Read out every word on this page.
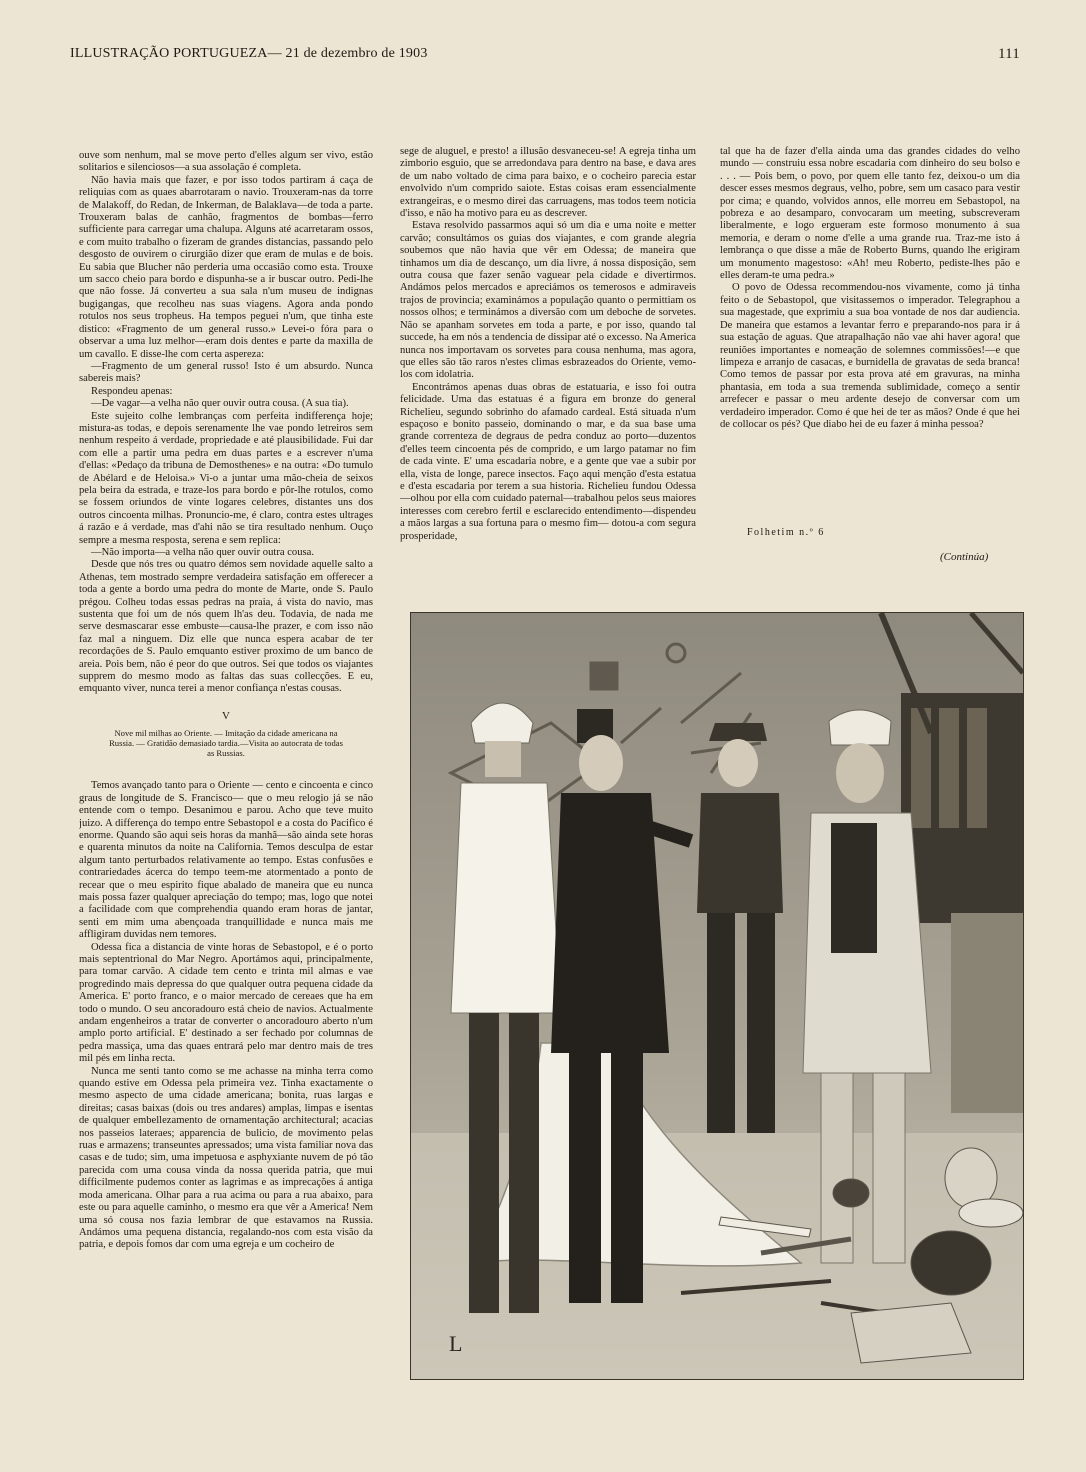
ILLUSTRAÇÃO PORTUGUEZA— 21 de dezembro de 1903	111

ouve som nenhum, mal se move perto d'elles algum ser vivo, estão solitarios e silenciosos—a sua assolação é completa.

Não havia mais que fazer, e por isso todos partiram á caça de reliquias com as quaes abarrotaram o navio. Trouxeram-nas da torre de Malakoff, do Redan, de Inkerman, de Balaklava—de toda a parte. Trouxeram balas de canhão, fragmentos de bombas—ferro sufficiente para carregar uma chalupa. Alguns até acarretaram ossos, e com muito trabalho o fizeram de grandes distancias, passando pelo desgosto de ouvirem o cirurgião dizer que eram de mulas e de bois. Eu sabia que Blucher não perderia uma occasião como esta. Trouxe um sacco cheio para bordo e dispunha-se a ir buscar outro. Pedi-lhe que não fosse. Já converteu a sua sala n'um museu de indignas bugigangas, que recolheu nas suas viagens. Agora anda pondo rotulos nos seus tropheus. Ha tempos peguei n'um, que tinha este distico: «Fragmento de um general russo.» Levei-o fóra para o observar a uma luz melhor—eram dois dentes e parte da maxilla de um cavallo. E disse-lhe com certa aspereza:

—Fragmento de um general russo! Isto é um absurdo. Nunca sabereis mais?

Respondeu apenas:

—De vagar—a velha não quer ouvir outra cousa. (A sua tia).

Este sujeito colhe lembranças com perfeita indifferença hoje; mistura-as todas, e depois serenamente lhe vae pondo letreiros sem nenhum respeito á verdade, propriedade e até plausibilidade. Fui dar com elle a partir uma pedra em duas partes e a escrever n'uma d'ellas: «Pedaço da tribuna de Demosthenes» e na outra: «Do tumulo de Abélard e de Heloisa.» Vi-o a juntar uma mão-cheia de seixos pela beira da estrada, e traze-los para bordo e pôr-lhe rotulos, como se fossem oriundos de vinte logares celebres, distantes uns dos outros cincoenta milhas. Pronuncio-me, é claro, contra estes ultrages á razão e á verdade, mas d'ahi não se tira resultado nenhum. Ouço sempre a mesma resposta, serena e sem replica:

—Não importa—a velha não quer ouvir outra cousa.

Desde que nós tres ou quatro démos sem novidade aquelle salto a Athenas, tem mostrado sempre verdadeira satisfação em offerecer a toda a gente a bordo uma pedra do monte de Marte, onde S. Paulo prégou. Colheu todas essas pedras na praia, á vista do navio, mas sustenta que foi um de nós quem lh'as deu. Todavia, de nada me serve desmascarar esse embuste—causa-lhe prazer, e com isso não faz mal a ninguem. Diz elle que nunca espera acabar de ter recordações de S. Paulo emquanto estiver proximo de um banco de areia. Pois bem, não é peor do que outros. Sei que todos os viajantes supprem do mesmo modo as faltas das suas collecções. E eu, emquanto viver, nunca terei a menor confiança n'estas cousas.

V

Nove mil milhas ao Oriente. — Imitação da cidade americana na Russia. — Gratidão demasiado tardia.—Visita ao autocrata de todas as Russias.

Temos avançado tanto para o Oriente — cento e cincoenta e cinco graus de longitude de S. Francisco— que o meu relogio já se não entende com o tempo. Desanimou e parou. Acho que teve muito juizo. A differença do tempo entre Sebastopol e a costa do Pacifico é enorme. Quando são aqui seis horas da manhã—são ainda sete horas e quarenta minutos da noite na California. Temos desculpa de estar algum tanto perturbados relativamente ao tempo. Estas confusões e contrariedades ácerca do tempo teem-me atormentado a ponto de recear que o meu espirito fique abalado de maneira que eu nunca mais possa fazer qualquer apreciação do tempo; mas, logo que notei a facilidade com que comprehendia quando eram horas de jantar, senti em mim uma abençoada tranquillidade e nunca mais me affligiram duvidas nem temores.

Odessa fica a distancia de vinte horas de Sebastopol, e é o porto mais septentrional do Mar Negro. Aportámos aqui, principalmente, para tomar carvão. A cidade tem cento e trinta mil almas e vae progredindo mais depressa do que qualquer outra pequena cidade da America. E' porto franco, e o maior mercado de cereaes que ha em todo o mundo. O seu ancoradouro está cheio de navios. Actualmente andam engenheiros a tratar de converter o ancoradouro aberto n'um amplo porto artificial. E' destinado a ser fechado por columnas de pedra massiça, uma das quaes entrará pelo mar dentro mais de tres mil pés em linha recta.

Nunca me senti tanto como se me achasse na minha terra como quando estive em Odessa pela primeira vez. Tinha exactamente o mesmo aspecto de uma cidade americana; bonita, ruas largas e direitas; casas baixas (dois ou tres andares) amplas, limpas e isentas de qualquer embellezamento de ornamentação architectural; acacias nos passeios lateraes; apparencia de bulicio, de movimento pelas ruas e armazens; transeuntes apressados; uma vista familiar nova das casas e de tudo; sim, uma impetuosa e asphyxiante nuvem de pó tão parecida com uma cousa vinda da nossa querida patria, que mui difficilmente pudemos conter as lagrimas e as imprecações á antiga moda americana. Olhar para a rua acima ou para a rua abaixo, para este ou para aquelle caminho, o mesmo era que vêr a America! Nem uma só cousa nos fazia lembrar de que estavamos na Russia. Andámos uma pequena distancia, regalando-nos com esta visão da patria, e depois fomos dar com uma egreja e um cocheiro de

sege de aluguel, e presto! a illusão desvaneceu-se! A egreja tinha um zimborio esguio, que se arredondava para dentro na base, e dava ares de um nabo voltado de cima para baixo, e o cocheiro parecia estar envolvido n'um comprido saiote. Estas coisas eram essencialmente extrangeiras, e o mesmo direi das carruagens, mas todos teem noticia d'isso, e não ha motivo para eu as descrever.

Estava resolvido passarmos aqui só um dia e uma noite e metter carvão; consultámos os guias dos viajantes, e com grande alegria soubemos que não havia que vêr em Odessa; de maneira que tinhamos um dia de descanço, um dia livre, á nossa disposição, sem outra cousa que fazer senão vaguear pela cidade e divertirmos. Andámos pelos mercados e apreciámos os temerosos e admiraveis trajos de provincia; examinámos a população quanto o permittiam os nossos olhos; e terminámos a diversão com um deboche de sorvetes. Não se apanham sorvetes em toda a parte, e por isso, quando tal succede, ha em nós a tendencia de dissipar até o excesso. Na America nunca nos importavam os sorvetes para cousa nenhuma, mas agora, que elles são tão raros n'estes climas esbrazeados do Oriente, vemo-los com idolatria.

Encontrámos apenas duas obras de estatuaria, e isso foi outra felicidade. Uma das estatuas é a figura em bronze do general Richelieu, segundo sobrinho do afamado cardeal. Está situada n'um espaçoso e bonito passeio, dominando o mar, e da sua base uma grande correnteza de degraus de pedra conduz ao porto—duzentos d'elles teem cincoenta pés de comprido, e um largo patamar no fim de cada vinte. E' uma escadaria nobre, e a gente que vae a subir por ella, vista de longe, parece insectos. Faço aqui menção d'esta estatua e d'esta escadaria por terem a sua historia. Richelieu fundou Odessa—olhou por ella com cuidado paternal—trabalhou pelos seus maiores interesses com cerebro fertil e esclarecido entendimento—dispendeu a mãos largas a sua fortuna para o mesmo fim— dotou-a com segura prosperidade,

tal que ha de fazer d'ella ainda uma das grandes cidades do velho mundo — construiu essa nobre escadaria com dinheiro do seu bolso e . . . — Pois bem, o povo, por quem elle tanto fez, deixou-o um dia descer esses mesmos degraus, velho, pobre, sem um casaco para vestir por cima; e quando, volvidos annos, elle morreu em Sebastopol, na pobreza e ao desamparo, convocaram um meeting, subscreveram liberalmente, e logo ergueram este formoso monumento á sua memoria, e deram o nome d'elle a uma grande rua. Traz-me isto á lembrança o que disse a mãe de Roberto Burns, quando lhe erigiram um monumento magestoso: «Ah! meu Roberto, pediste-lhes pão e elles deram-te uma pedra.»

O povo de Odessa recommendou-nos vivamente, como já tinha feito o de Sebastopol, que visitassemos o imperador. Telegraphou a sua magestade, que exprimiu a sua boa vontade de nos dar audiencia. De maneira que estamos a levantar ferro e preparando-nos para ir á sua estação de aguas. Que atrapalhação não vae ahi haver agora! que reuniões importantes e nomeação de solemnes commissões!—e que limpeza e arranjo de casacas, e burnidella de gravatas de seda branca! Como temos de passar por esta prova até em gravuras, na minha phantasia, em toda a sua tremenda sublimidade, começo a sentir arrefecer e passar o meu ardente desejo de conversar com um verdadeiro imperador. Como é que hei de ter as mãos? Onde é que hei de collocar os pés? Que diabo hei de eu fazer á minha pessoa?

Folhetim n.º 6
(Continúa)
L
